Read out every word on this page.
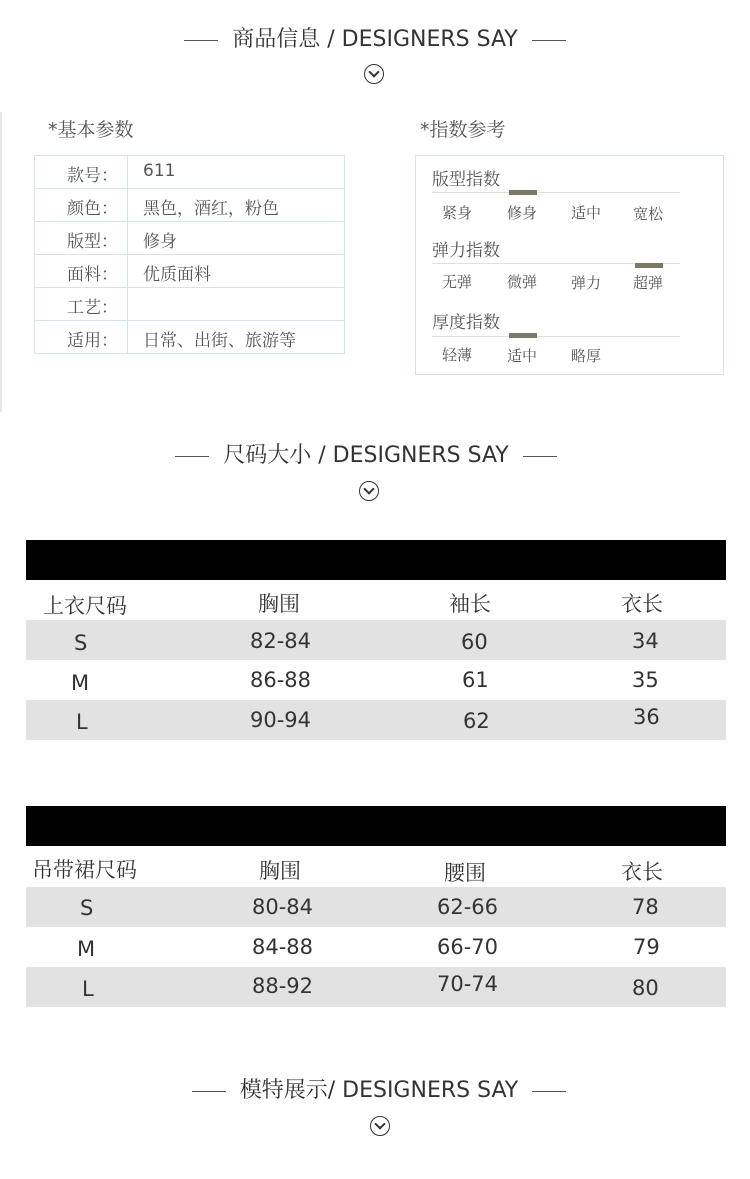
商品信息 / DESIGNERS SAY
*基本参数
款号： 611
颜色： 黑色，酒红，粉色
版型： 修身
面料： 优质面料
工艺：
适用： 日常、出街、旅游等
*指数参考
版型指数
紧身 修身 适中 宽松
弹力指数
无弹 微弹 弹力 超弹
厚度指数
轻薄 适中 略厚
尺码大小 / DESIGNERS SAY
上衣尺码	胸围	袖长	衣长
S	82-84	60	34
M	86-88	61	35
L	90-94	62	36
吊带裙尺码	胸围	腰围	衣长
S	80-84	62-66	78
M	84-88	66-70	79
L	88-92	70-74	80
模特展示/ DESIGNERS SAY
